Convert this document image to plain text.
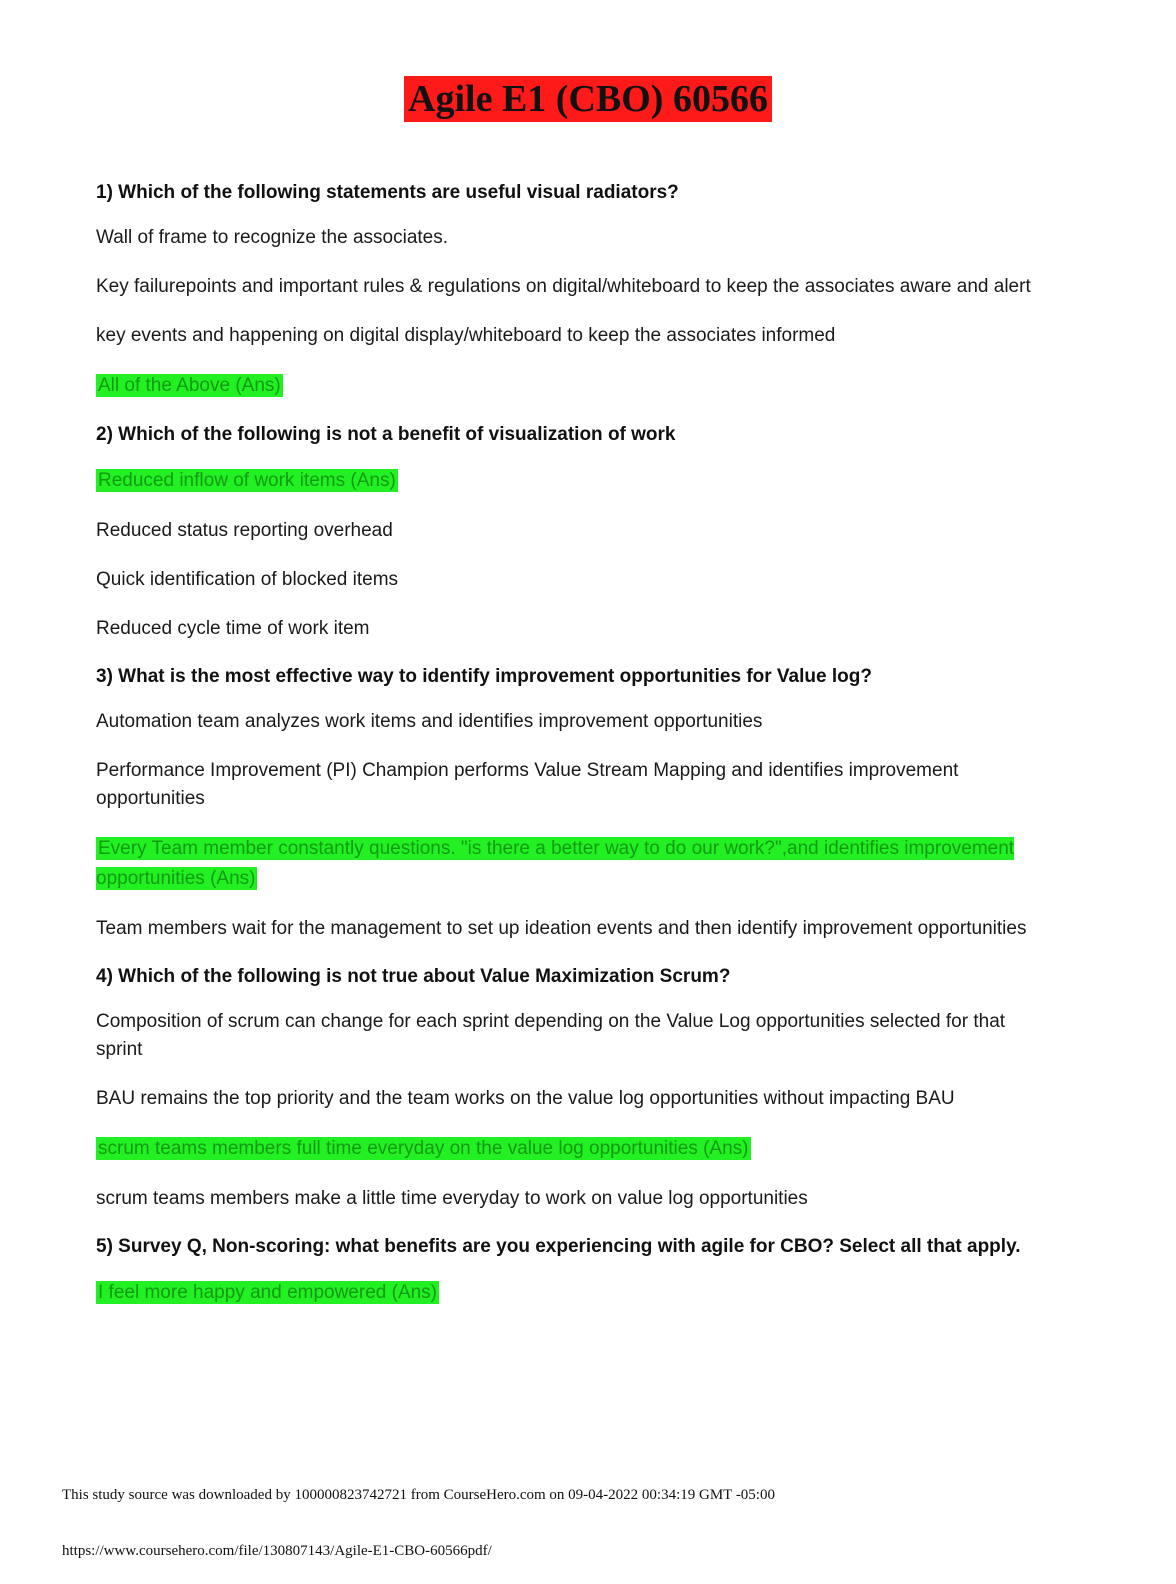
Agile E1 (CBO) 60566
1) Which of the following statements are useful visual radiators?
Wall of frame to recognize the associates.
Key failurepoints and important rules & regulations on digital/whiteboard to keep the associates aware and alert
key events and happening on digital display/whiteboard to keep the associates informed
All of the Above (Ans)
2) Which of the following is not a benefit of visualization of work
Reduced inflow of work items (Ans)
Reduced status reporting overhead
Quick identification of blocked items
Reduced cycle time of work item
3) What is the most effective way to identify improvement opportunities for Value log?
Automation team analyzes work items and identifies improvement opportunities
Performance Improvement (PI) Champion performs Value Stream Mapping and identifies improvement opportunities
Every Team member constantly questions. "is there a better way to do our work?",and identifies improvement opportunities (Ans)
Team members wait for the management to set up ideation events and then identify improvement opportunities
4) Which of the following is not true about Value Maximization Scrum?
Composition of scrum can change for each sprint depending on the Value Log opportunities selected for that sprint
BAU remains the top priority and the team works on the value log opportunities without impacting BAU
scrum teams members full time everyday on the value log opportunities (Ans)
scrum teams members make a little time everyday to work on value log opportunities
5) Survey Q, Non-scoring: what benefits are you experiencing with agile for CBO? Select all that apply.
I feel more happy and empowered (Ans)
This study source was downloaded by 100000823742721 from CourseHero.com on 09-04-2022 00:34:19 GMT -05:00
https://www.coursehero.com/file/130807143/Agile-E1-CBO-60566pdf/
